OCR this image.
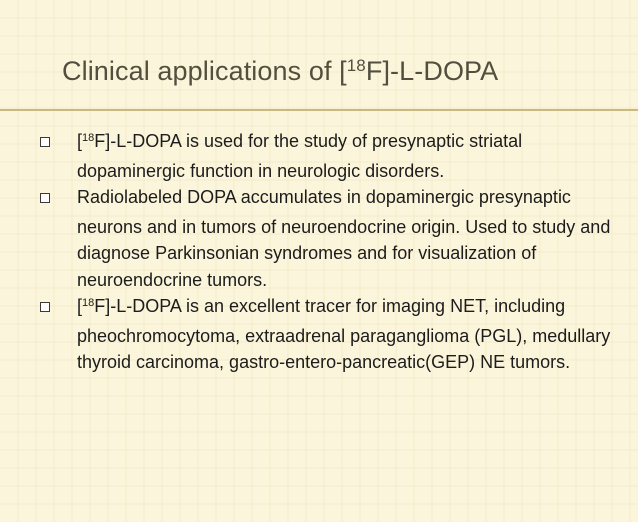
Clinical applications of [$^{18}$F]-L-DOPA
[$^{18}$F]-L-DOPA is used for the study of presynaptic striatal dopaminergic function in neurologic disorders.
Radiolabeled DOPA accumulates in dopaminergic presynaptic neurons and in tumors of neuroendocrine origin. Used to study and diagnose Parkinsonian syndromes and for visualization of neuroendocrine tumors.
[$^{18}$F]-L-DOPA is an excellent tracer for imaging NET, including pheochromocytoma, extraadrenal paraganglioma (PGL), medullary thyroid carcinoma, gastro-entero-pancreatic(GEP) NE tumors.
